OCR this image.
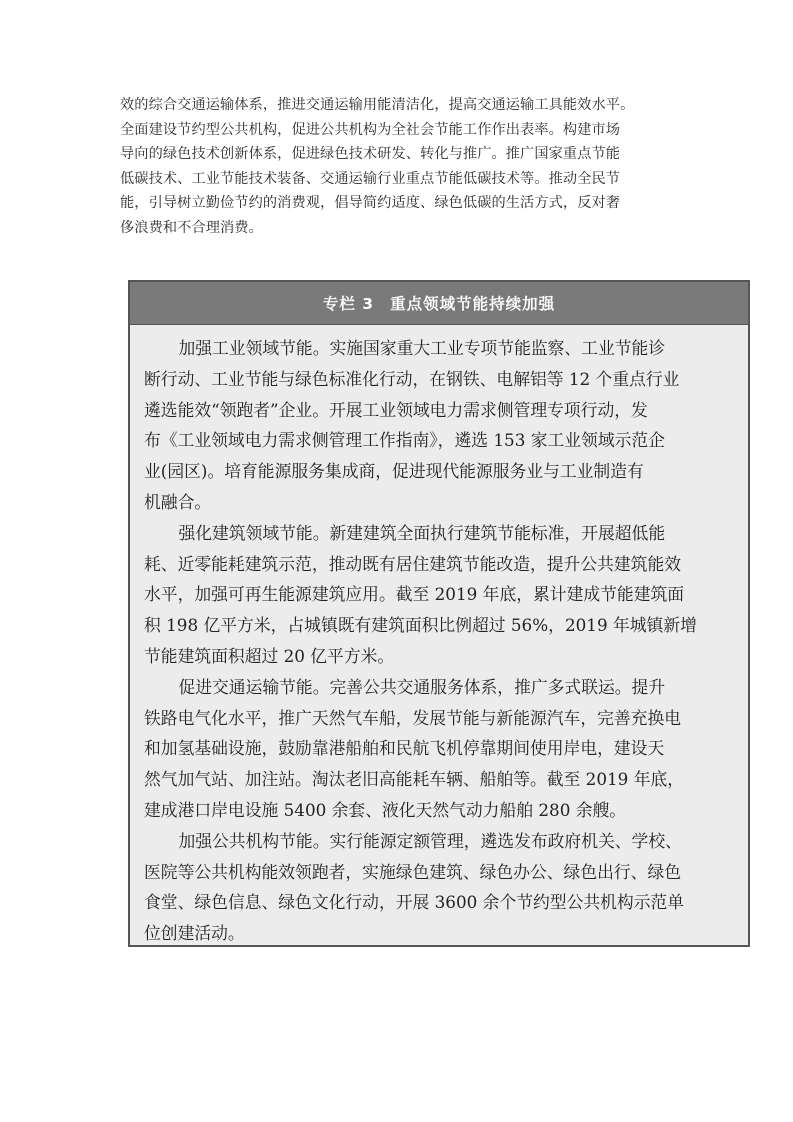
效的综合交通运输体系，推进交通运输用能清洁化，提高交通运输工具能效水平。
全面建设节约型公共机构，促进公共机构为全社会节能工作作出表率。构建市场
导向的绿色技术创新体系，促进绿色技术研发、转化与推广。推广国家重点节能
低碳技术、工业节能技术装备、交通运输行业重点节能低碳技术等。推动全民节
能，引导树立勤俭节约的消费观，倡导简约适度、绿色低碳的生活方式，反对奢
侈浪费和不合理消费。
专栏 3 重点领域节能持续加强

加强工业领域节能。实施国家重大工业专项节能监察、工业节能诊
断行动、工业节能与绿色标准化行动，在钢铁、电解铝等 12 个重点行业
遴选能效“领跑者”企业。开展工业领域电力需求侧管理专项行动，发
布《工业领域电力需求侧管理工作指南》，遴选 153 家工业领域示范企
业(园区)。培育能源服务集成商，促进现代能源服务业与工业制造有
机融合。

强化建筑领域节能。新建建筑全面执行建筑节能标准，开展超低能
耗、近零能耗建筑示范，推动既有居住建筑节能改造，提升公共建筑能效
水平，加强可再生能源建筑应用。截至 2019 年底，累计建成节能建筑面
积 198 亿平方米，占城镇既有建筑面积比例超过 56%，2019 年城镇新增
节能建筑面积超过 20 亿平方米。

促进交通运输节能。完善公共交通服务体系，推广多式联运。提升
铁路电气化水平，推广天然气车船，发展节能与新能源汽车，完善充换电
和加氢基础设施，鼓励靠港船舶和民航飞机停靠期间使用岸电，建设天
然气加气站、加注站。淘汰老旧高能耗车辆、船舶等。截至 2019 年底，
建成港口岸电设施 5400 余套、液化天然气动力船舶 280 余艘。

加强公共机构节能。实行能源定额管理，遴选发布政府机关、学校、
医院等公共机构能效领跑者，实施绿色建筑、绿色办公、绿色出行、绿色
食堂、绿色信息、绿色文化行动，开展 3600 余个节约型公共机构示范单
位创建活动。
